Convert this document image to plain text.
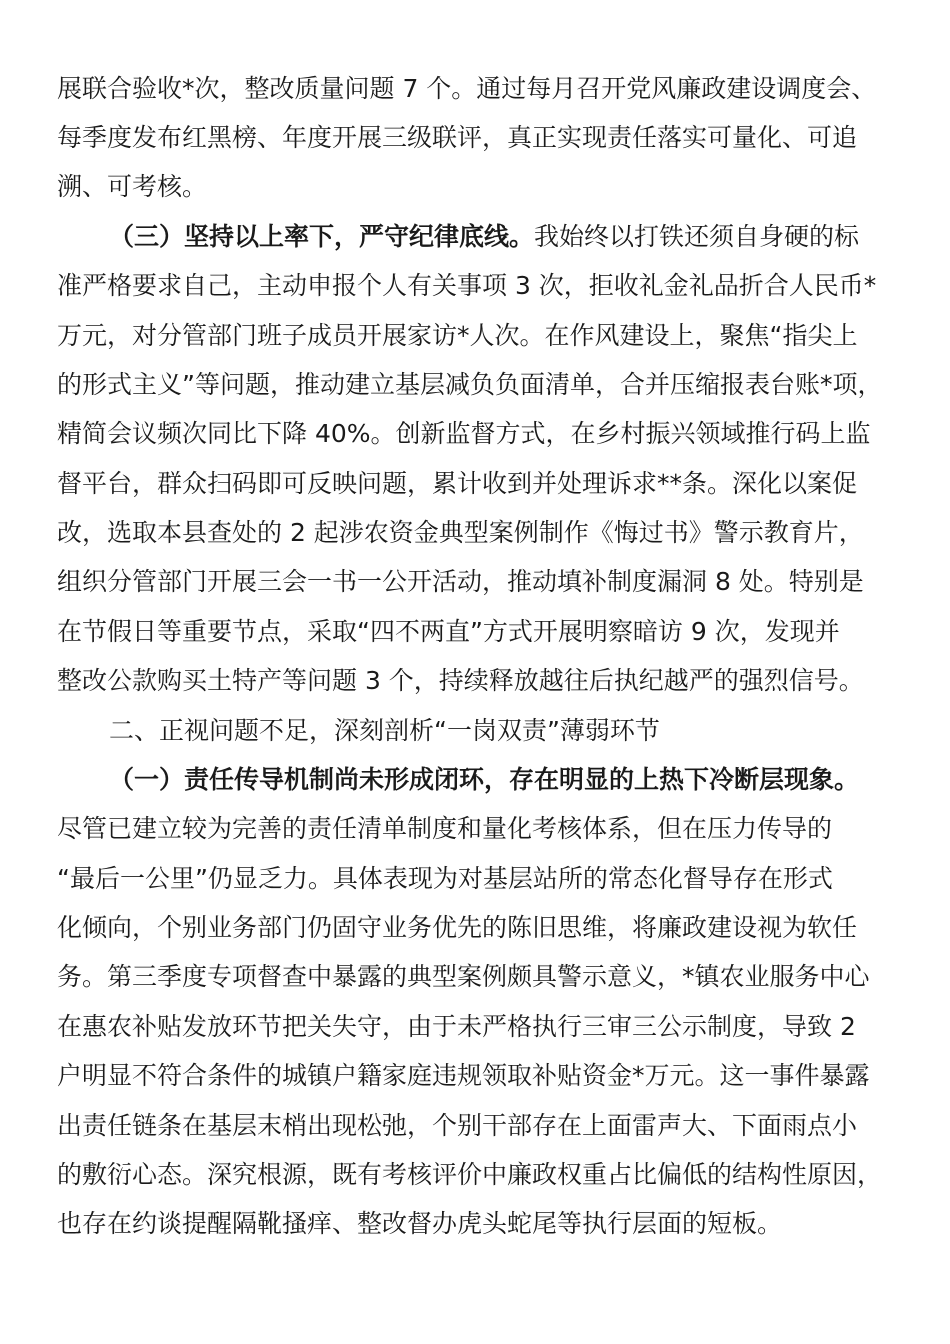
展联合验收*次，整改质量问题 7 个。通过每月召开党风廉政建设调度会、
每季度发布红黑榜、年度开展三级联评，真正实现责任落实可量化、可追
溯、可考核。
（三）坚持以上率下，严守纪律底线。我始终以打铁还须自身硬的标
准严格要求自己，主动申报个人有关事项 3 次，拒收礼金礼品折合人民币*
万元，对分管部门班子成员开展家访*人次。在作风建设上，聚焦“指尖上
的形式主义”等问题，推动建立基层减负负面清单，合并压缩报表台账*项，
精简会议频次同比下降 40%。创新监督方式，在乡村振兴领域推行码上监
督平台，群众扫码即可反映问题，累计收到并处理诉求**条。深化以案促
改，选取本县查处的 2 起涉农资金典型案例制作《悔过书》警示教育片，
组织分管部门开展三会一书一公开活动，推动填补制度漏洞 8 处。特别是
在节假日等重要节点，采取“四不两直”方式开展明察暗访 9 次，发现并
整改公款购买土特产等问题 3 个，持续释放越往后执纪越严的强烈信号。
二、正视问题不足，深刻剖析“一岗双责”薄弱环节
（一）责任传导机制尚未形成闭环，存在明显的上热下冷断层现象。
尽管已建立较为完善的责任清单制度和量化考核体系，但在压力传导的
“最后一公里”仍显乏力。具体表现为对基层站所的常态化督导存在形式
化倾向，个别业务部门仍固守业务优先的陈旧思维，将廉政建设视为软任
务。第三季度专项督查中暴露的典型案例颇具警示意义，*镇农业服务中心
在惠农补贴发放环节把关失守，由于未严格执行三审三公示制度，导致 2
户明显不符合条件的城镇户籍家庭违规领取补贴资金*万元。这一事件暴露
出责任链条在基层末梢出现松弛，个别干部存在上面雷声大、下面雨点小
的敷衍心态。深究根源，既有考核评价中廉政权重占比偏低的结构性原因，
也存在约谈提醒隔靴搔痒、整改督办虎头蛇尾等执行层面的短板。
